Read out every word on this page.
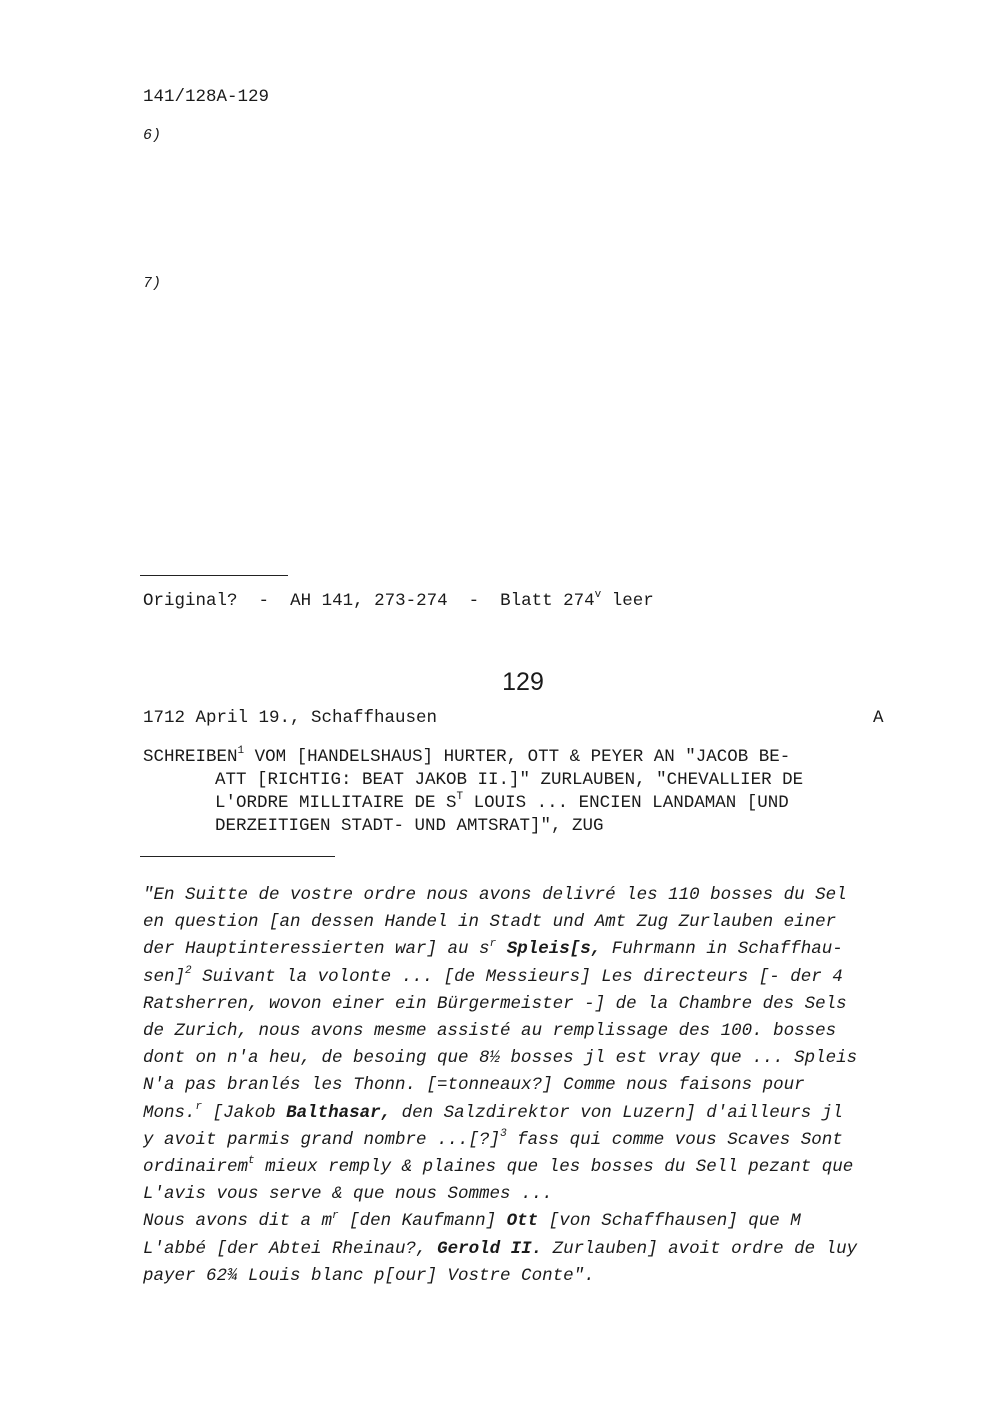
141/128A-129
6)
7)
Original? - AH 141, 273-274 - Blatt 274$^v$ leer
129
1712 April 19., Schaffhausen	A
SCHREIBEN$^1$ VOM [HANDELSHAUS] HURTER, OTT & PEYER AN "JACOB BE-
ATT [RICHTIG: BEAT JAKOB II.]" ZURLAUBEN, "CHEVALLIER DE
L'ORDRE MILLITAIRE DE $S^T$ LOUIS ... ENCIEN LANDAMAN [UND
DERZEITIGEN STADT- UND AMTSRAT]", ZUG
"En Suitte de vostre ordre nous avons delivré les 110 bosses du Sel
en question [an dessen Handel in Stadt und Amt Zug Zurlauben einer
der Hauptinteressierten war] au $s^r$ Spleis[s, Fuhrmann in Schaffhau-
sen]$^2$ Suivant la volonte ... [de Messieurs] Les directeurs [- der 4
Ratsherren, wovon einer ein Bürgermeister -] de la Chambre des Sels
de Zurich, nous avons mesme assisté au remplissage des 100. bosses
dont on n'a heu, de besoing que 8½ bosses jl est vray que ... Spleis
N'a pas branlés les Thonn. [=tonneaux?] Comme nous faisons pour
Mons.$^r$ [Jakob Balthasar, den Salzdirektor von Luzern] d'ailleurs jl
y avoit parmis grand nombre ...[?]$^3$ fass qui comme vous Scaves Sont
ordinairem$^t$ mieux remply & plaines que les bosses du Sell pezant que
L'avis vous serve & que nous Sommes ...
Nous avons dit a $m^r$ [den Kaufmann] Ott [von Schaffhausen] que M
L'abbé [der Abtei Rheinau?, Gerold II. Zurlauben] avoit ordre de luy
payer 62¾ Louis blanc p[our] Vostre Conte".
